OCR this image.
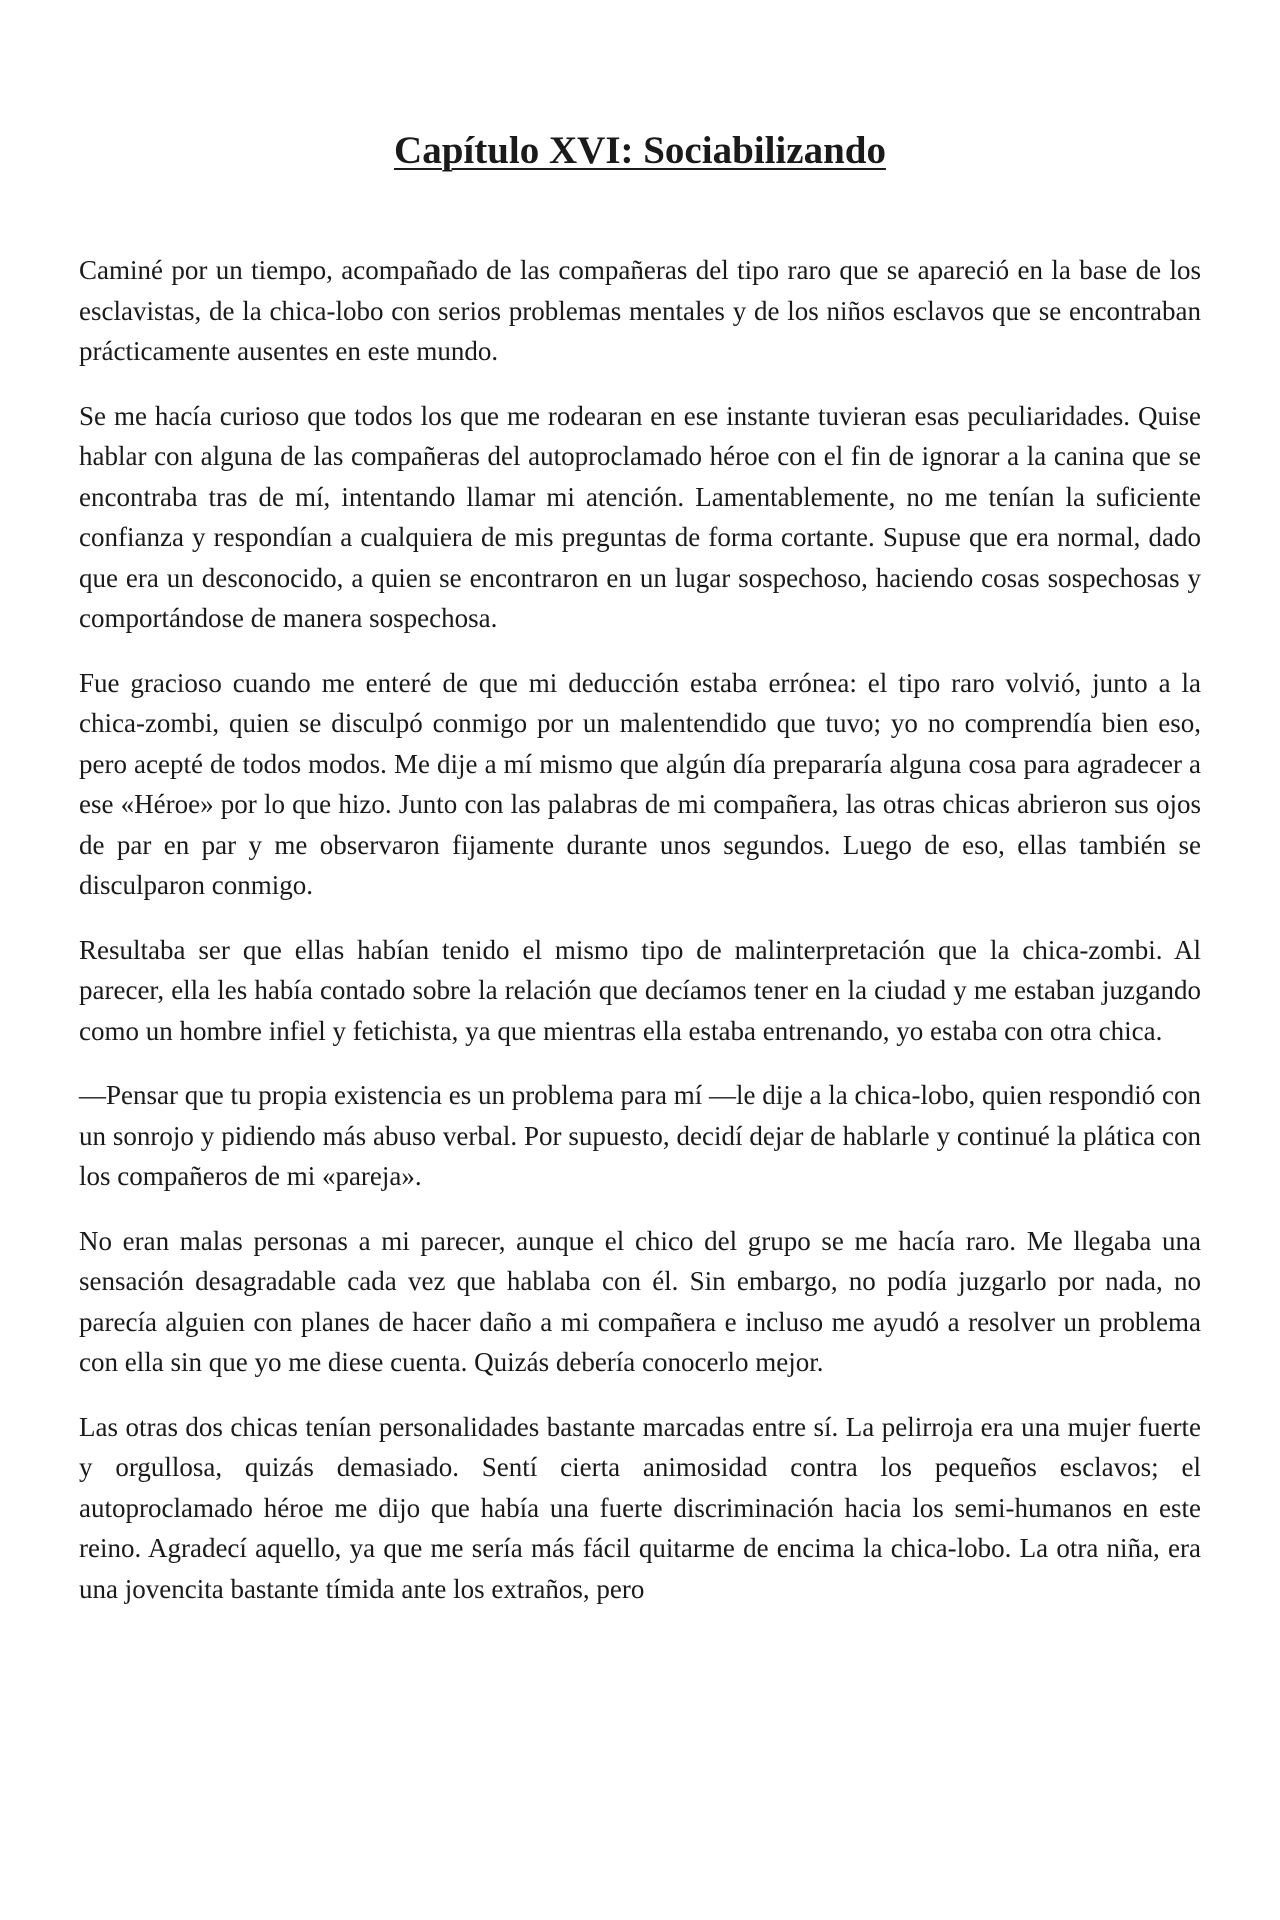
Capítulo XVI: Sociabilizando

Caminé por un tiempo, acompañado de las compañeras del tipo raro que se apareció en la base de los esclavistas, de la chica-lobo con serios problemas mentales y de los niños esclavos que se encontraban prácticamente ausentes en este mundo.

Se me hacía curioso que todos los que me rodearan en ese instante tuvieran esas peculiaridades. Quise hablar con alguna de las compañeras del autoproclamado héroe con el fin de ignorar a la canina que se encontraba tras de mí, intentando llamar mi atención. Lamentablemente, no me tenían la suficiente confianza y respondían a cualquiera de mis preguntas de forma cortante. Supuse que era normal, dado que era un desconocido, a quien se encontraron en un lugar sospechoso, haciendo cosas sospechosas y comportándose de manera sospechosa.

Fue gracioso cuando me enteré de que mi deducción estaba errónea: el tipo raro volvió, junto a la chica-zombi, quien se disculpó conmigo por un malentendido que tuvo; yo no comprendía bien eso, pero acepté de todos modos. Me dije a mí mismo que algún día prepararía alguna cosa para agradecer a ese «Héroe» por lo que hizo. Junto con las palabras de mi compañera, las otras chicas abrieron sus ojos de par en par y me observaron fijamente durante unos segundos. Luego de eso, ellas también se disculparon conmigo.

Resultaba ser que ellas habían tenido el mismo tipo de malinterpretación que la chica-zombi. Al parecer, ella les había contado sobre la relación que decíamos tener en la ciudad y me estaban juzgando como un hombre infiel y fetichista, ya que mientras ella estaba entrenando, yo estaba con otra chica.

—Pensar que tu propia existencia es un problema para mí —le dije a la chica-lobo, quien respondió con un sonrojo y pidiendo más abuso verbal. Por supuesto, decidí dejar de hablarle y continué la plática con los compañeros de mi «pareja».

No eran malas personas a mi parecer, aunque el chico del grupo se me hacía raro. Me llegaba una sensación desagradable cada vez que hablaba con él. Sin embargo, no podía juzgarlo por nada, no parecía alguien con planes de hacer daño a mi compañera e incluso me ayudó a resolver un problema con ella sin que yo me diese cuenta. Quizás debería conocerlo mejor.

Las otras dos chicas tenían personalidades bastante marcadas entre sí. La pelirroja era una mujer fuerte y orgullosa, quizás demasiado. Sentí cierta animosidad contra los pequeños esclavos; el autoproclamado héroe me dijo que había una fuerte discriminación hacia los semi-humanos en este reino. Agradecí aquello, ya que me sería más fácil quitarme de encima la chica-lobo. La otra niña, era una jovencita bastante tímida ante los extraños, pero
